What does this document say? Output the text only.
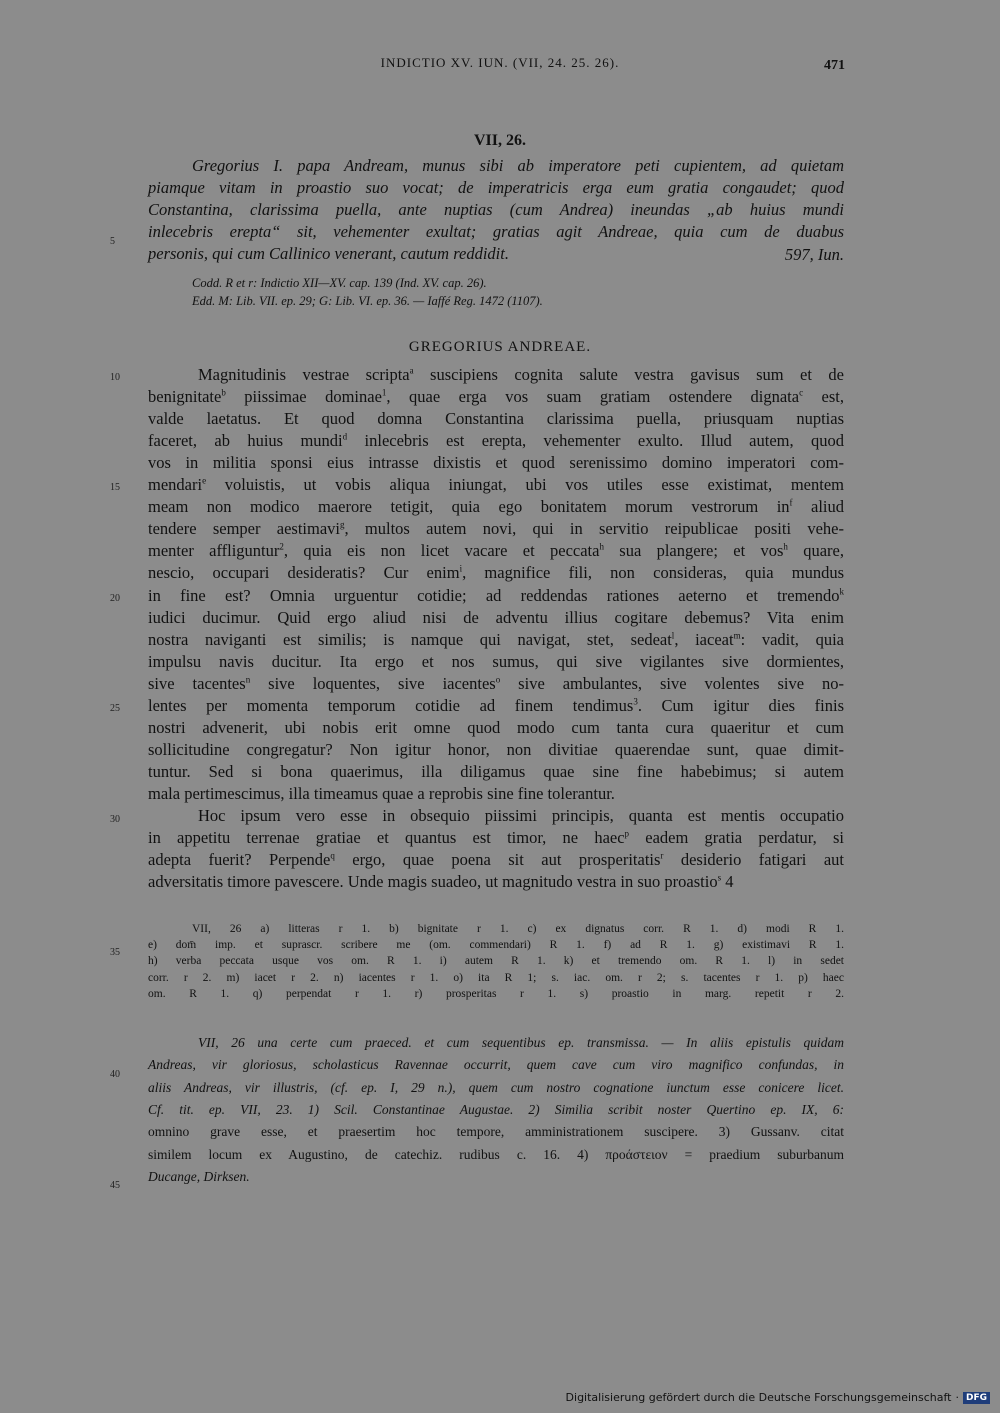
INDICTIO XV. IUN. (VII, 24. 25. 26).	471
VII, 26.
Gregorius I. papa Andream, munus sibi ab imperatore peti cupientem, ad quietam
piamque vitam in proastio suo vocat; de imperatricis erga eum gratia congaudet; quod
Constantina, clarissima puella, ante nuptias (cum Andrea) ineundas „ab huius mundi
inlecebris erepta“ sit, vehementer exultat; gratias agit Andreae, quia cum de duabus
personis, qui cum Callinico venerant, cautum reddidit.	597, Iun.
Codd. R et r: Indictio XII—XV. cap. 139 (Ind. XV. cap. 26).
Edd. M: Lib. VII. ep. 29; G: Lib. VI. ep. 36. — Iaffé Reg. 1472 (1107).
GREGORIUS ANDREAE.
Magnitudinis vestrae scripta$^a$ suscipiens cognita salute vestra gavisus sum et de
benignitate$^b$ piissimae dominae$^1$, quae erga vos suam gratiam ostendere dignata$^c$ est,
valde laetatus. Et quod domna Constantina clarissima puella, priusquam nuptias
faceret, ab huius mundi$^d$ inlecebris est erepta, vehementer exulto. Illud autem, quod
vos in militia sponsi eius intrasse dixistis et quod serenissimo domino imperatori com-
mendari$^e$ voluistis, ut vobis aliqua iniungat, ubi vos utiles esse existimat, mentem
meam non modico maerore tetigit, quia ego bonitatem morum vestrorum $in^f$ aliud
tendere semper aestimavi$^g$, multos autem novi, qui in servitio reipublicae positi vehe-
menter affliguntur$^2$, quia eis non licet vacare et peccata$^h$ sua plangere; et vos$^h$ quare,
nescio, occupari desideratis? Cur enim$^i$, magnifice fili, non consideras, quia mundus
in fine est? Omnia urguentur cotidie; ad reddendas rationes aeterno et tremendo$^k$
iudici ducimur. Quid ergo aliud nisi de adventu illius cogitare debemus? Vita enim
nostra naviganti est similis; is namque qui navigat, stet, sedeat$^l$, iaceat$^m$: vadit, quia
impulsu navis ducitur. Ita ergo et nos sumus, qui sive vigilantes sive dormientes,
sive tacentes$^n$ sive loquentes, sive iacentes$^o$ sive ambulantes, sive volentes sive no-
lentes per momenta temporum cotidie ad finem tendimus$^3$. Cum igitur dies finis
nostri advenerit, ubi nobis erit omne quod modo cum tanta cura quaeritur et cum
sollicitudine congregatur? Non igitur honor, non divitiae quaerendae sunt, quae dimit-
tuntur. Sed si bona quaerimus, illa diligamus quae sine fine habebimus; si autem
mala pertimescimus, illa timeamus quae a reprobis sine fine tolerantur.
Hoc ipsum vero esse in obsequio piissimi principis, quanta est mentis occupatio
in appetitu terrenae gratiae et quantus est timor, ne haec$^p$ eadem gratia perdatur, si
adepta fuerit? Perpende$^q$ ergo, quae poena sit aut prosperitatis$^r$ desiderio fatigari aut
adversitatis timore pavescere. Unde magis suadeo, ut magnitudo vestra in suo proastio$^s$ 4
VII, 26 a) litteras r 1. b) bignitate r 1. c) ex dignatus corr. R 1. d) modi R 1.
e) dom̄ imp. et suprascr. scribere me (om. commendari) R 1. f) ad R 1. g) existimavi R 1.
h) verba peccata usque vos om. R 1. i) autem R 1. k) et tremendo om. R 1. l) in sedet
corr. r 2. m) iacet r 2. n) iacentes r 1. o) ita R 1; s. iac. om. r 2; s. tacentes r 1. p) haec
om. R 1. q) perpendat r 1. r) prosperitas r 1. s) proastio in marg. repetit r 2.
VII, 26 una certe cum praeced. et cum sequentibus ep. transmissa. — In aliis epistulis quidam
Andreas, vir gloriosus, scholasticus Ravennae occurrit, quem cave cum viro magnifico confundas, in
aliis Andreas, vir illustris, (cf. ep. I, 29 n.), quem cum nostro cognatione iunctum esse conicere licet.
Cf. tit. ep. VII, 23. 1) Scil. Constantinae Augustae. 2) Similia scribit noster Quertino ep. IX, 6:
omnino grave esse, et praesertim hoc tempore, amministrationem suscipere. 3) Gussanv. citat
similem locum ex Augustino, de catechiz. rudibus c. 16. 4) προάστειον = praedium suburbanum
Ducange, Dirksen.
5
10
15
20
25
30
35
40
45
Digitalisierung gefördert durch die Deutsche Forschungsgemeinschaft · DFG
